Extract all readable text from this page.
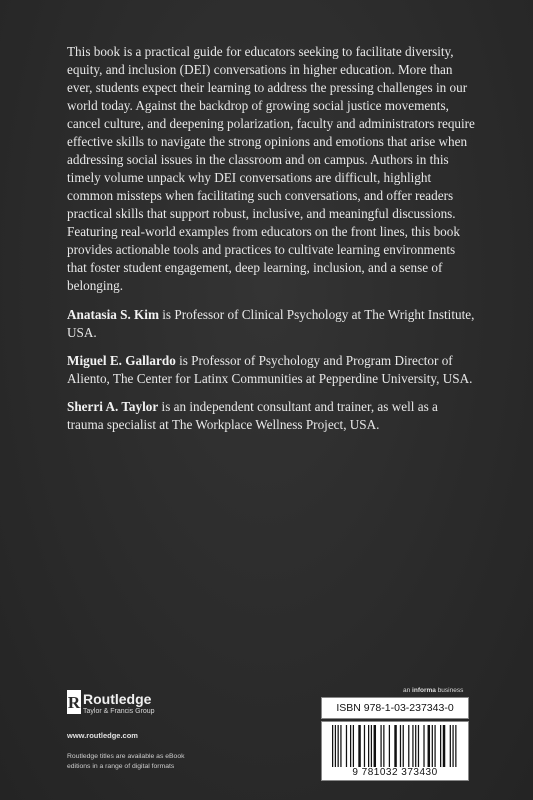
This book is a practical guide for educators seeking to facilitate diversity, equity, and inclusion (DEI) conversations in higher education. More than ever, students expect their learning to address the pressing challenges in our world today. Against the backdrop of growing social justice movements, cancel culture, and deepening polarization, faculty and administrators require effective skills to navigate the strong opinions and emotions that arise when addressing social issues in the classroom and on campus. Authors in this timely volume unpack why DEI conversations are difficult, highlight common missteps when facilitating such conversations, and offer readers practical skills that support robust, inclusive, and meaningful discussions. Featuring real-world examples from educators on the front lines, this book provides actionable tools and practices to cultivate learning environments that foster student engagement, deep learning, inclusion, and a sense of belonging.

Anatasia S. Kim is Professor of Clinical Psychology at The Wright Institute, USA.

Miguel E. Gallardo is Professor of Psychology and Program Director of Aliento, The Center for Latinx Communities at Pepperdine University, USA.

Sherri A. Taylor is an independent consultant and trainer, as well as a trauma specialist at The Workplace Wellness Project, USA.

R Routledge
Taylor & Francis Group
www.routledge.com
Routledge titles are available as eBook editions in a range of digital formats
an informa business
ISBN 978-1-03-237343-0
9 781032 373430
